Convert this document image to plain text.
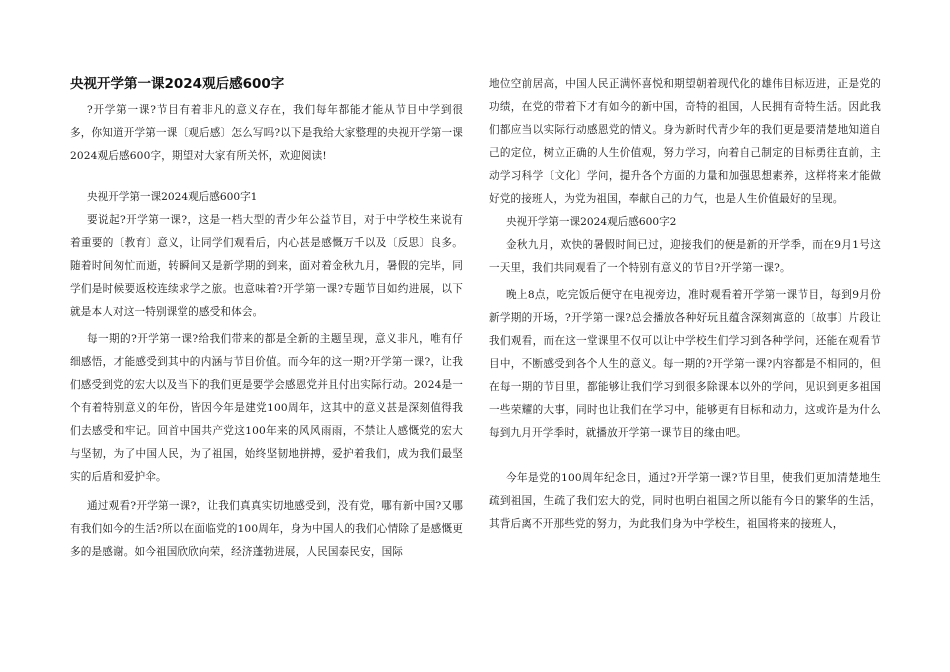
央视开学第一课2024观后感600字

?开学第一课?节目有着非凡的意义存在，我们每年都能才能从节目中学到很多，你知道开学第一课〔观后感〕怎么写吗?以下是我给大家整理的央视开学第一课2024观后感600字，期望对大家有所关怀，欢迎阅读!

央视开学第一课2024观后感600字1

要说起?开学第一课?，这是一档大型的青少年公益节目，对于中学校生来说有着重要的〔教育〕意义，让同学们观看后，内心甚是感慨万千以及〔反思〕良多。随着时间匆忙而逝，转瞬间又是新学期的到来，面对着金秋九月，暑假的完毕，同学们是时候要返校连续求学之旅。也意味着?开学第一课?专题节目如约进展，以下就是本人对这一特别课堂的感受和体会。

每一期的?开学第一课?给我们带来的都是全新的主题呈现，意义非凡，唯有仔细感悟，才能感受到其中的内涵与节目价值。而今年的这一期?开学第一课?，让我们感受到党的宏大以及当下的我们更是要学会感恩党并且付出实际行动。2024是一个有着特别意义的年份，皆因今年是建党100周年，这其中的意义甚是深刻值得我们去感受和牢记。回首中国共产党这100年来的风风雨雨，不禁让人感慨党的宏大与坚韧，为了中国人民，为了祖国，始终坚韧地拼搏，爱护着我们，成为我们最坚实的后盾和爱护伞。

通过观看?开学第一课?，让我们真真实切地感受到，没有党，哪有新中国?又哪有我们如今的生活?所以在面临党的100周年，身为中国人的我们心情除了是感慨更多的是感谢。如今祖国欣欣向荣，经济蓬勃进展，人民国泰民安，国际

地位空前居高，中国人民正满怀喜悦和期望朝着现代化的雄伟目标迈进，正是党的功绩，在党的带着下才有如今的新中国，奇特的祖国，人民拥有奇特生活。因此我们都应当以实际行动感恩党的情义。身为新时代青少年的我们更是要清楚地知道自己的定位，树立正确的人生价值观，努力学习，向着自己制定的目标勇往直前，主动学习科学〔文化〕学问，提升各个方面的力量和加强思想素养，这样将来才能做好党的接班人，为党为祖国，奉献自己的力气，也是人生价值最好的呈现。

央视开学第一课2024观后感600字2

金秋九月，欢快的暑假时间已过，迎接我们的便是新的开学季，而在9月1号这一天里，我们共同观看了一个特别有意义的节目?开学第一课?。

晚上8点，吃完饭后便守在电视旁边，准时观看着开学第一课节目，每到9月份新学期的开场，?开学第一课?总会播放各种好玩且蕴含深刻寓意的〔故事〕片段让我们观看，而在这一堂课里不仅可以让中学校生们学习到各种学问，还能在观看节目中，不断感受到各个人生的意义。每一期的?开学第一课?内容都是不相同的，但在每一期的节目里，都能够让我们学习到很多除课本以外的学问，见识到更多祖国一些荣耀的大事，同时也让我们在学习中，能够更有目标和动力，这或许是为什么每到九月开学季时，就播放开学第一课节目的缘由吧。

今年是党的100周年纪念日，通过?开学第一课?节目里，使我们更加清楚地生疏到祖国，生疏了我们宏大的党，同时也明白祖国之所以能有今日的繁华的生活，其背后离不开那些党的努力，为此我们身为中学校生，祖国将来的接班人，
